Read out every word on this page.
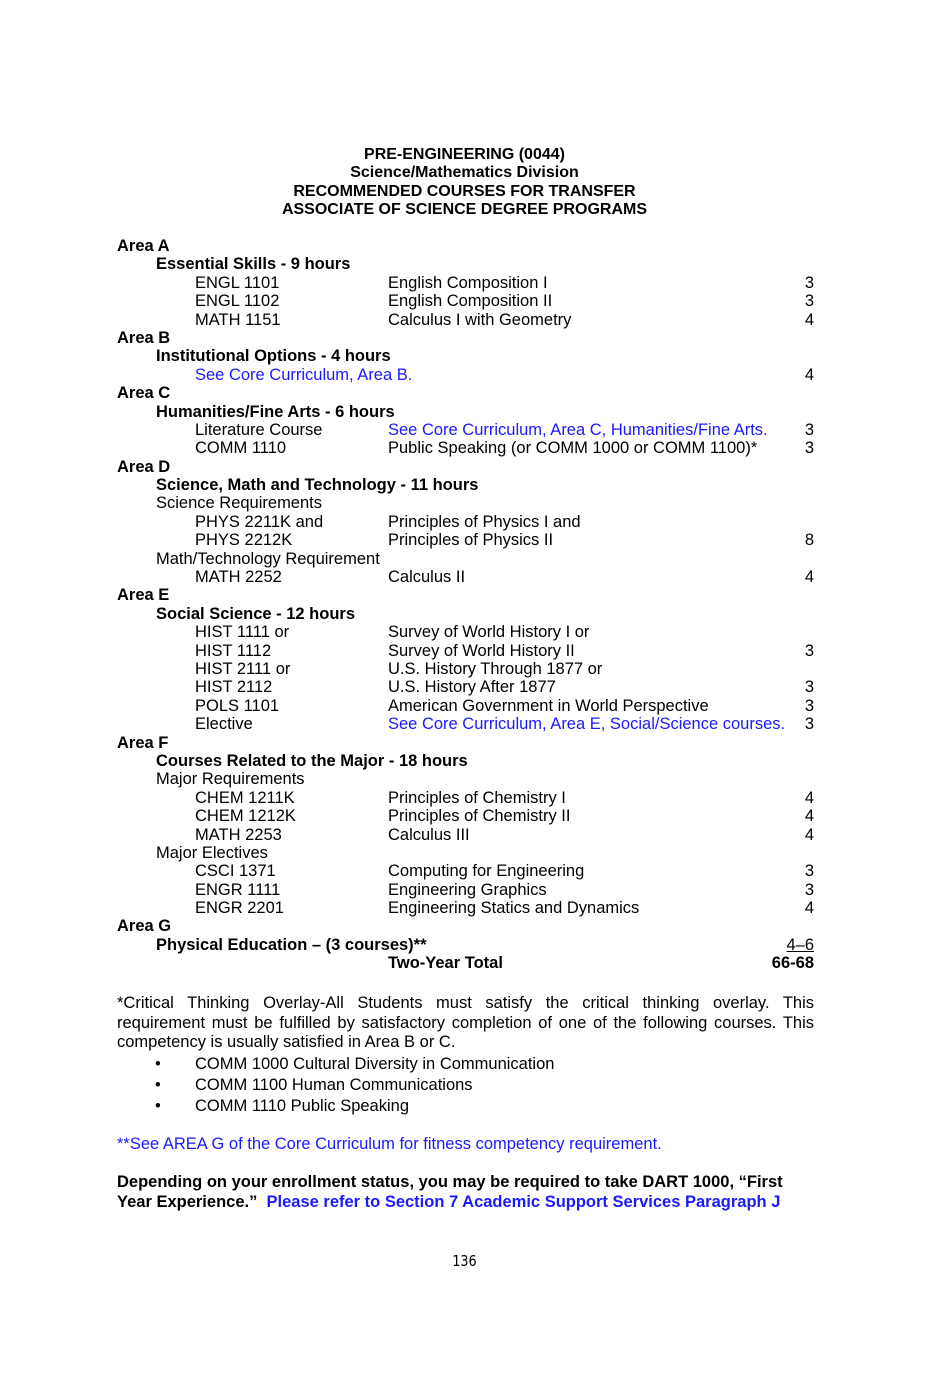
PRE-ENGINEERING (0044)
Science/Mathematics Division
RECOMMENDED COURSES FOR TRANSFER
ASSOCIATE OF SCIENCE DEGREE PROGRAMS
Area A
Essential Skills - 9 hours
ENGL 1101	English Composition I	3
ENGL 1102	English Composition II	3
MATH 1151	Calculus I with Geometry	4
Area B
Institutional Options - 4 hours
See Core Curriculum, Area B.	4
Area C
Humanities/Fine Arts - 6 hours
Literature Course	See Core Curriculum, Area C, Humanities/Fine Arts. 3
COMM 1110	Public Speaking (or COMM 1000 or COMM 1100)*	3
Area D
Science, Math and Technology - 11 hours
Science Requirements
PHYS 2211K and	Principles of Physics I and
PHYS 2212K	Principles of Physics II	8
Math/Technology Requirement
MATH 2252	Calculus II	4
Area E
Social Science - 12 hours
HIST 1111 or	Survey of World History I or
HIST 1112	Survey of World History II	3
HIST 2111 or	U.S. History Through 1877 or
HIST 2112	U.S. History After 1877	3
POLS 1101	American Government in World Perspective	3
Elective	See Core Curriculum, Area E, Social/Science courses. 3
Area F
Courses Related to the Major - 18 hours
Major Requirements
CHEM 1211K	Principles of Chemistry I	4
CHEM 1212K	Principles of Chemistry II	4
MATH 2253	Calculus III	4
Major Electives
CSCI 1371	Computing for Engineering	3
ENGR 1111	Engineering Graphics	3
ENGR 2201	Engineering Statics and Dynamics	4
Area G
Physical Education – (3 courses)**	4–6
Two-Year Total	66-68
*Critical Thinking Overlay-All Students must satisfy the critical thinking overlay. This requirement must be fulfilled by satisfactory completion of one of the following courses. This competency is usually satisfied in Area B or C.
• COMM 1000 Cultural Diversity in Communication
• COMM 1100 Human Communications
• COMM 1110 Public Speaking
**See AREA G of the Core Curriculum for fitness competency requirement.
Depending on your enrollment status, you may be required to take DART 1000, “First Year Experience.” Please refer to Section 7 Academic Support Services Paragraph J
136
